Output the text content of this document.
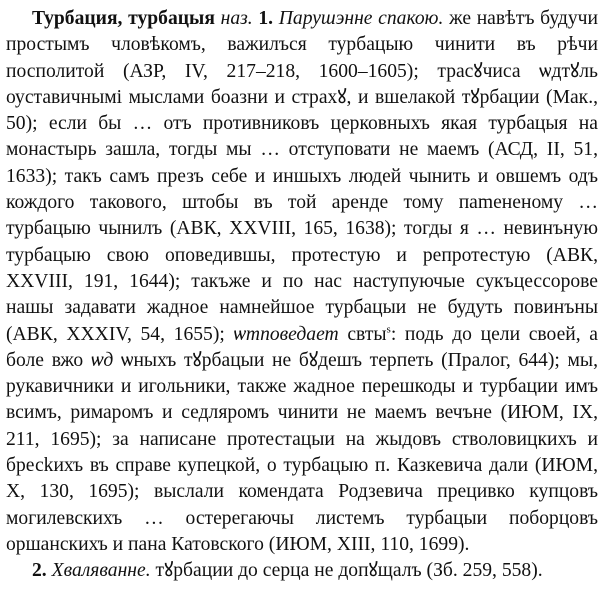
Турбация, турбацыя наз. 1. Парушэнне спакою. же навѣтъ будучи простымъ чловѣкомъ, важилъся турбацыю чинити въ рѣчи посполитой (АЗР, IV, 217–218, 1600–1605); трасꙋчиса ѡдтꙋль оуставичнымі мыслами боазни и страхꙋ, и вшелакой тꙋрбации (Мак., 50); если бы … отъ противниковъ церковныхъ якая турбацыя на монастырь зашла, тогды мы … отступовати не маемъ (АСД, II, 51, 1633); такъ самъ презъ себе и иншыхъ людей чынить и овшемъ одъ кождого такового, штобы въ той аренде тому пamененому … турбацыю чынилъ (АВК, XXVIII, 165, 1638); тогды я … невинъную турбацыю свою оповедившы, протестую и репротестую (АВК, XXVIII, 191, 1644); такъже и по нас наступуючые сукъцессорове нашы задавати жадное намнейшое турбацыи не будуть повинъны (АВК, XXXIV, 54, 1655); ѡтповедает свты$^s$: подь до цели своей, а боле вжо ѡд ѡныхъ тꙋрбацыи не бꙋдешъ терпеть (Пралог, 644); мы, рукавичники и игольники, также жадное перешкоды и турбации имъ всимъ, римаромъ и седляромъ чинити не маемъ вечъне (ИЮМ, IX, 211, 1695); за написане протестацыи на жыдовъ стволовицкихъ и бресkихъ въ справе купецкой, о турбацыю п. Казкевича дали (ИЮМ, X, 130, 1695); выслали комендата Родзевича прецивко купцовъ могилевскихъ … остерегаючы листемъ турбацыи поборцовъ оршанскихъ и пана Катовского (ИЮМ, XIII, 110, 1699).

2. Хваляванне. тꙋрбации до серца не допꙋщалъ (Зб. 259, 558).
